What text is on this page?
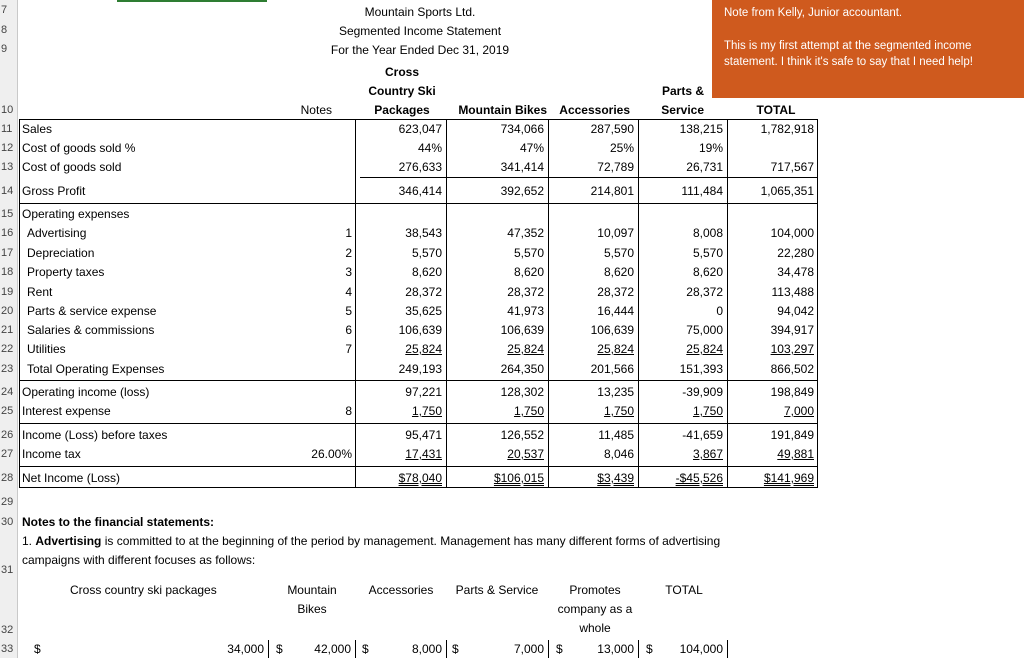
7
8
9
10
11
12
13
14
15
16
17
18
19
20
21
22
23
24
25
26
27
28
29
30
31
32
33
Mountain Sports Ltd.
Segmented Income Statement
For the Year Ended Dec 31, 2019
Cross
Country Ski
Packages
Notes	Mountain Bikes	Accessories
Parts &
Service	TOTAL
Note from Kelly, Junior accountant.
This is my first attempt at the segmented income
statement. I think it's safe to say that I need help!
Sales	623,047	734,066	287,590	138,215	1,782,918
Cost of goods sold %	44%	47%	25%	19%
Cost of goods sold	276,633	341,414	72,789	26,731	717,567
Gross Profit	346,414	392,652	214,801	111,484	1,065,351
Operating expenses
Advertising	1	38,543	47,352	10,097	8,008	104,000
Depreciation	2	5,570	5,570	5,570	5,570	22,280
Property taxes	3	8,620	8,620	8,620	8,620	34,478
Rent	4	28,372	28,372	28,372	28,372	113,488
Parts & service expense	5	35,625	41,973	16,444	0	94,042
Salaries & commissions	6	106,639	106,639	106,639	75,000	394,917
Utilities	7	25,824	25,824	25,824	25,824	103,297
Total Operating Expenses	249,193	264,350	201,566	151,393	866,502
Operating income (loss)	97,221	128,302	13,235	-39,909	198,849
Interest expense	8	1,750	1,750	1,750	1,750	7,000
Income (Loss) before taxes	95,471	126,552	11,485	-41,659	191,849
Income tax	26.00%	17,431	20,537	8,046	3,867	49,881
Net Income (Loss)	$78,040	$106,015	$3,439	-$45,526	$141,969
Notes to the financial statements:
1. Advertising is committed to at the beginning of the period by management. Management has many different forms of advertising
campaigns with different focuses as follows:
Cross country ski packages	Mountain
Bikes
Accessories	Parts & Service	Promotes
company as a
whole
TOTAL
$	34,000 $	42,000 $	8,000 $	7,000 $	13,000 $	104,000
